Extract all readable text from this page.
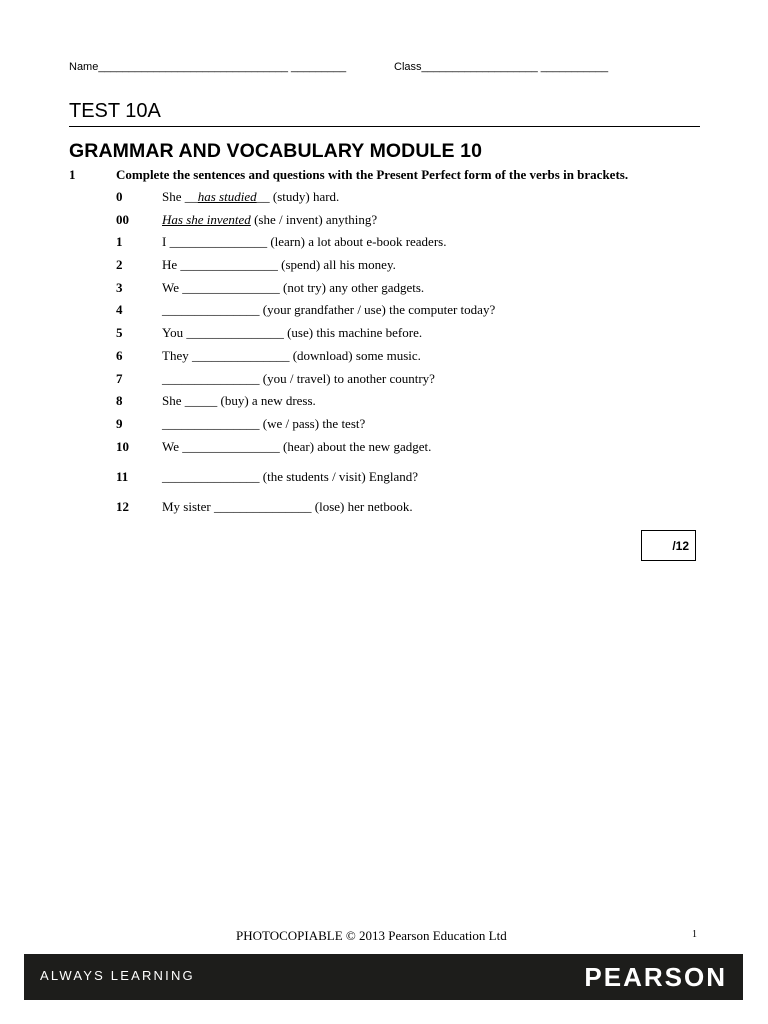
Name_______________________________ _________	Class___________________ ___________
TEST 10A
GRAMMAR AND VOCABULARY MODULE 10
1	Complete the sentences and questions with the Present Perfect form of the verbs in brackets.
0	She __has studied__ (study) hard.
00	Has she invented (she / invent) anything?
1	I _______________ (learn) a lot about e-book readers.
2	He _______________ (spend) all his money.
3	We _______________ (not try) any other gadgets.
4	_______________ (your grandfather / use) the computer today?
5	You _______________ (use) this machine before.
6	They _______________ (download) some music.
7	_______________ (you / travel) to another country?
8	She _____ (buy) a new dress.
9	_______________ (we / pass) the test?
10	We _______________ (hear) about the new gadget.
11	_______________ (the students / visit) England?
12	My sister _______________ (lose) her netbook.
/12
PHOTOCOPIABLE © 2013 Pearson Education Ltd	1
ALWAYS LEARNING	PEARSON
